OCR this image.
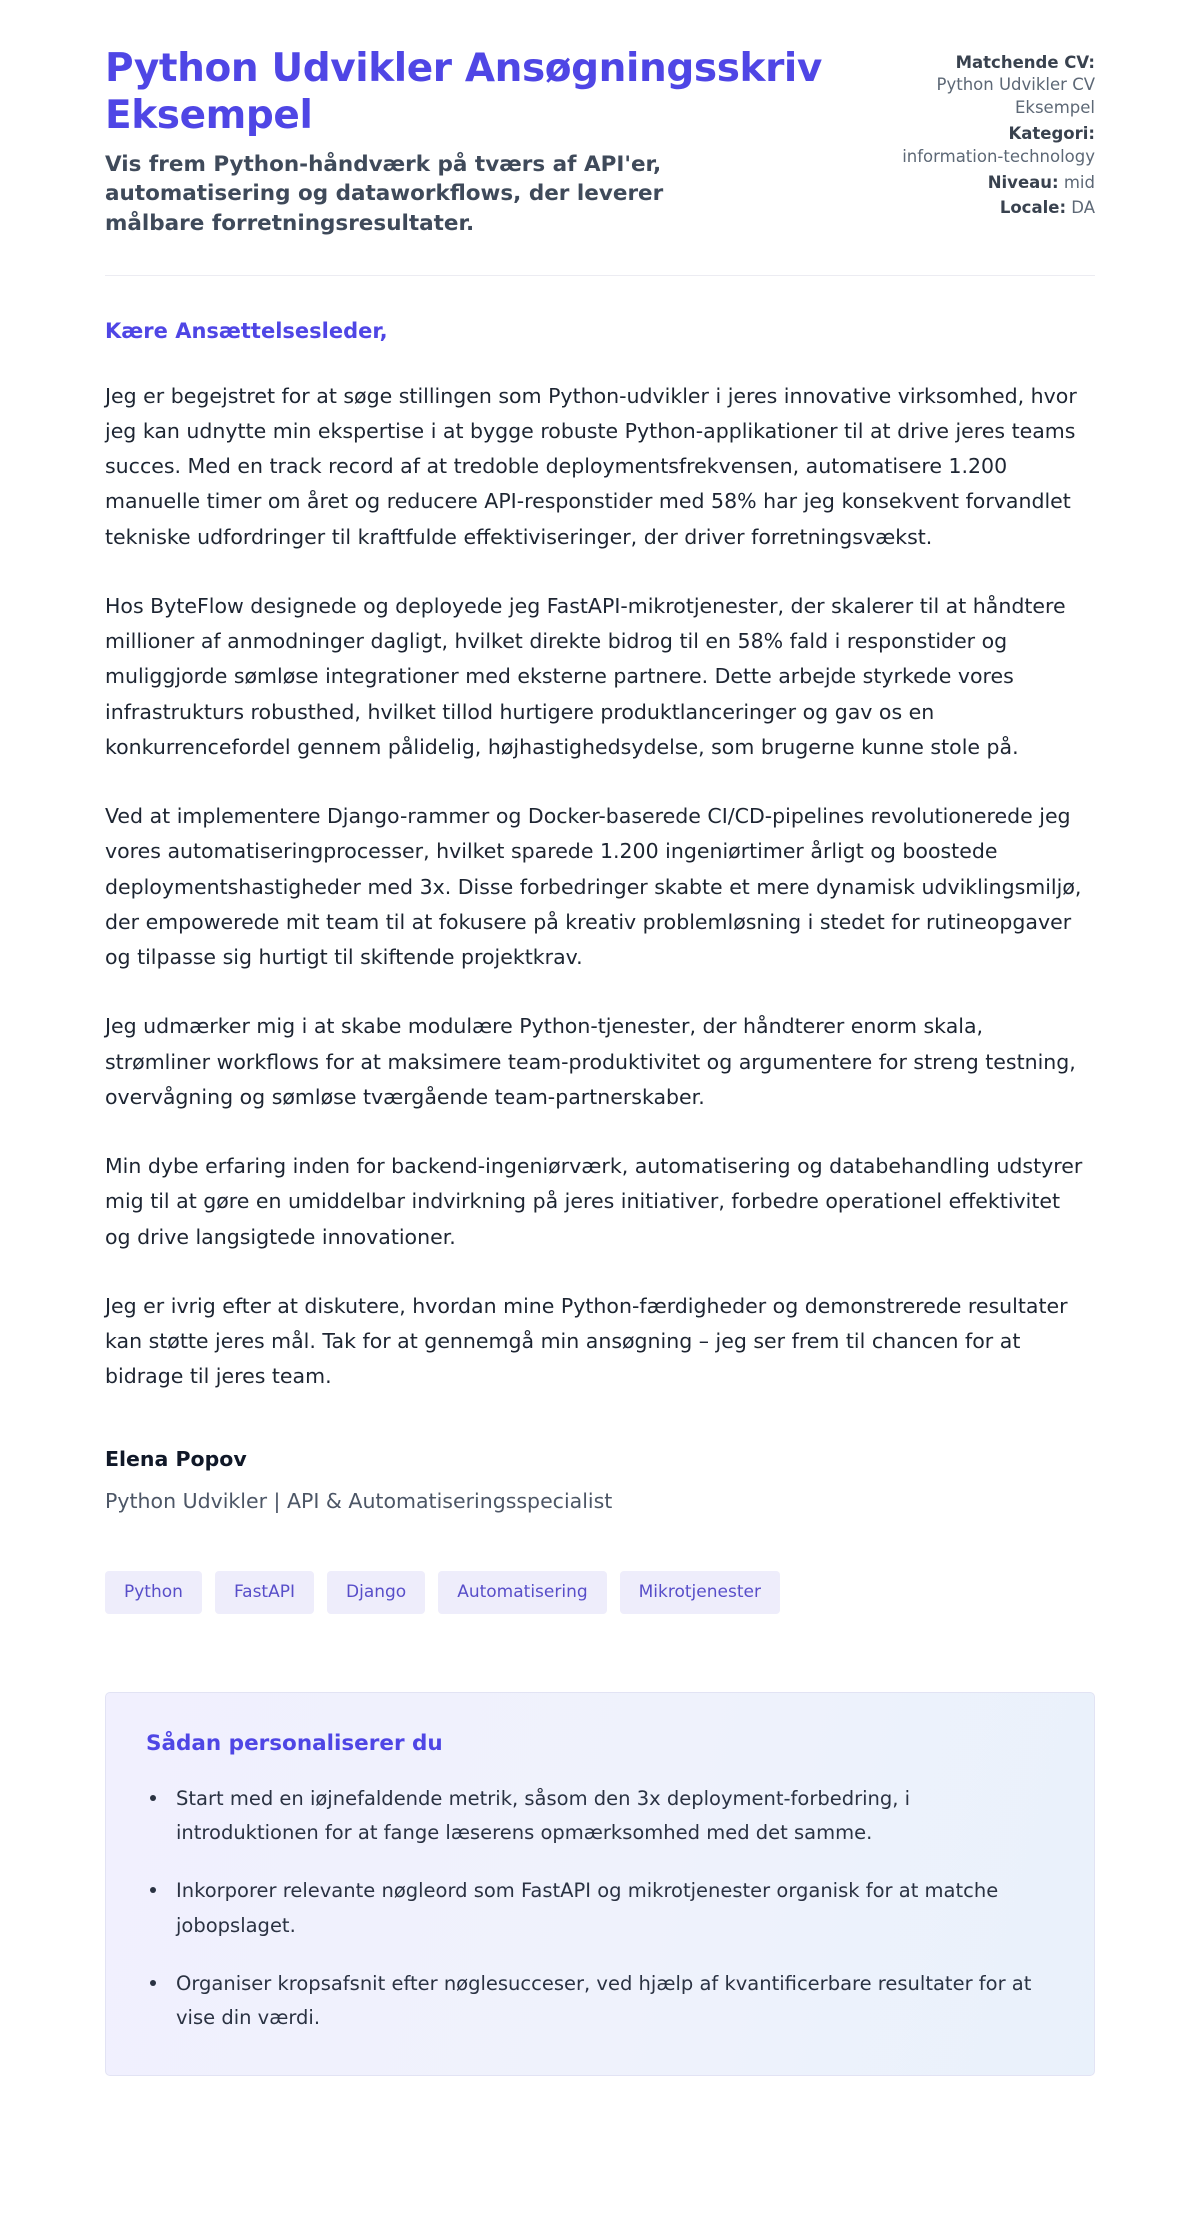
Python Udvikler Ansøgningsskriv Eksempel

Vis frem Python-håndværk på tværs af API'er, automatisering og dataworkflows, der leverer målbare forretningsresultater.

Matchende CV:
Python Udvikler CV Eksempel
Kategori:
information-technology
Niveau: mid
Locale: DA

Kære Ansættelsesleder,

Jeg er begejstret for at søge stillingen som Python-udvikler i jeres innovative virksomhed, hvor jeg kan udnytte min ekspertise i at bygge robuste Python-applikationer til at drive jeres teams succes. Med en track record af at tredoble deploymentsfrekvensen, automatisere 1.200 manuelle timer om året og reducere API-responstider med 58% har jeg konsekvent forvandlet tekniske udfordringer til kraftfulde effektiviseringer, der driver forretningsvækst.

Hos ByteFlow designede og deployede jeg FastAPI-mikrotjenester, der skalerer til at håndtere millioner af anmodninger dagligt, hvilket direkte bidrog til en 58% fald i responstider og muliggjorde sømløse integrationer med eksterne partnere. Dette arbejde styrkede vores infrastrukturs robusthed, hvilket tillod hurtigere produktlanceringer og gav os en konkurrencefordel gennem pålidelig, højhastighedsydelse, som brugerne kunne stole på.

Ved at implementere Django-rammer og Docker-baserede CI/CD-pipelines revolutionerede jeg vores automatiseringprocesser, hvilket sparede 1.200 ingeniørtimer årligt og boostede deploymentshastigheder med 3x. Disse forbedringer skabte et mere dynamisk udviklingsmiljø, der empowerede mit team til at fokusere på kreativ problemløsning i stedet for rutineopgaver og tilpasse sig hurtigt til skiftende projektkrav.

Jeg udmærker mig i at skabe modulære Python-tjenester, der håndterer enorm skala, strømliner workflows for at maksimere team-produktivitet og argumentere for streng testning, overvågning og sømløse tværgående team-partnerskaber.

Min dybe erfaring inden for backend-ingeniørværk, automatisering og databehandling udstyrer mig til at gøre en umiddelbar indvirkning på jeres initiativer, forbedre operationel effektivitet og drive langsigtede innovationer.

Jeg er ivrig efter at diskutere, hvordan mine Python-færdigheder og demonstrerede resultater kan støtte jeres mål. Tak for at gennemgå min ansøgning – jeg ser frem til chancen for at bidrage til jeres team.

Elena Popov

Python Udvikler | API & Automatiseringsspecialist

Python	FastAPI	Django	Automatisering	Mikrotjenester
Sådan personaliserer du
Start med en iøjnefaldende metrik, såsom den 3x deployment-forbedring, i introduktionen for at fange læserens opmærksomhed med det samme.
Inkorporer relevante nøgleord som FastAPI og mikrotjenester organisk for at matche jobopslaget.
Organiser kropsafsnit efter nøglesucceser, ved hjælp af kvantificerbare resultater for at vise din værdi.
